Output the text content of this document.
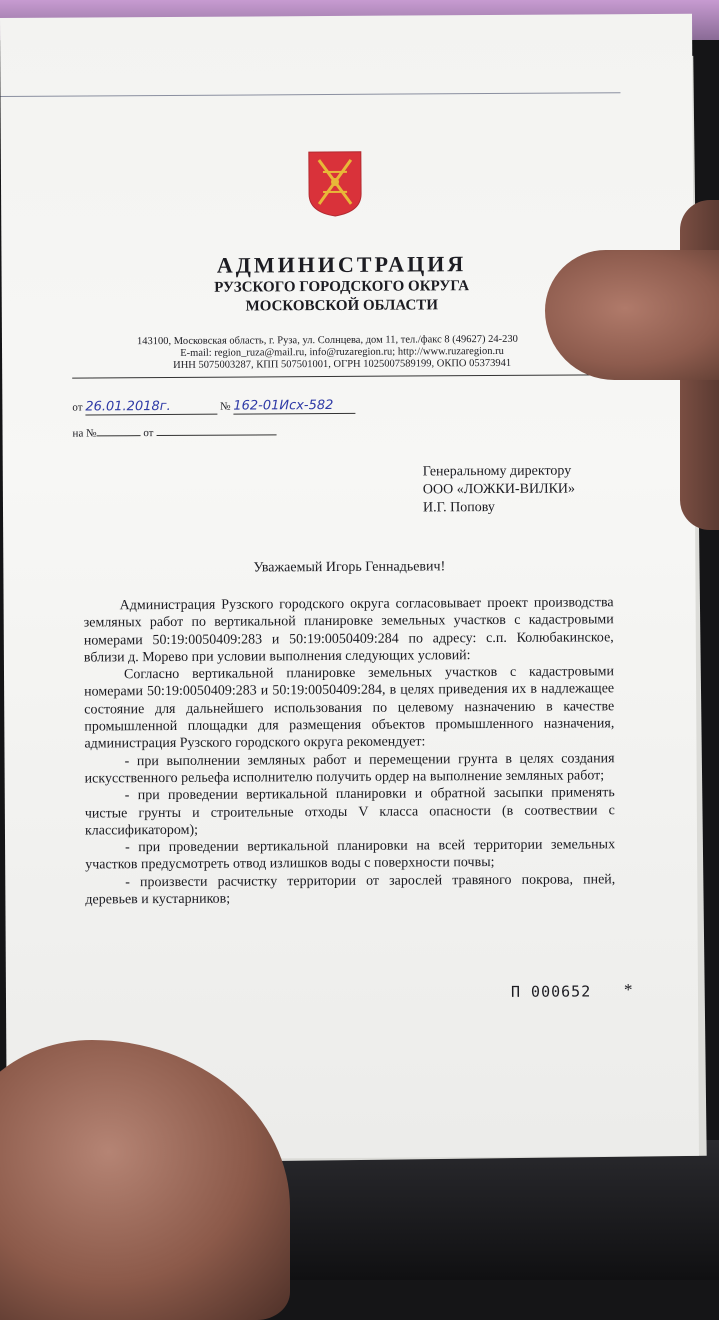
АДМИНИСТРАЦИЯ
РУЗСКОГО ГОРОДСКОГО ОКРУГА
МОСКОВСКОЙ ОБЛАСТИ
143100, Московская область, г. Руза, ул. Солнцева, дом 11, тел./факс 8 (49627) 24-230
E-mail: region_ruza@mail.ru, info@ruzaregion.ru; http://www.ruzaregion.ru
ИНН 5075003287, КПП 507501001, ОГРН 1025007589199, ОКПО 05373941
от 26.01.2018г.	№ 162-01Исх-582
на №	от
Генеральному директору
ООО «ЛОЖКИ-ВИЛКИ»
И.Г. Попову
Уважаемый Игорь Геннадьевич!

Администрация Рузского городского округа согласовывает проект производства земляных работ по вертикальной планировке земельных участков с кадастровыми номерами 50:19:0050409:283 и 50:19:0050409:284 по адресу: с.п. Колюбакинское, вблизи д. Морево при условии выполнения следующих условий:

Согласно вертикальной планировке земельных участков с кадастровыми номерами 50:19:0050409:283 и 50:19:0050409:284, в целях приведения их в надлежащее состояние для дальнейшего использования по целевому назначению в качестве промышленной площадки для размещения объектов промышленного назначения, администрация Рузского городского округа рекомендует:

- при выполнении земляных работ и перемещении грунта в целях создания искусственного рельефа исполнителю получить ордер на выполнение земляных работ;

- при проведении вертикальной планировки и обратной засыпки применять чистые грунты и строительные отходы V класса опасности (в соотвествии с классификатором);

- при проведении вертикальной планировки на всей территории земельных участков предусмотреть отвод излишков воды с поверхности почвы;

- произвести расчистку территории от зарослей травяного покрова, пней, деревьев и кустарников;

П 000652 *
